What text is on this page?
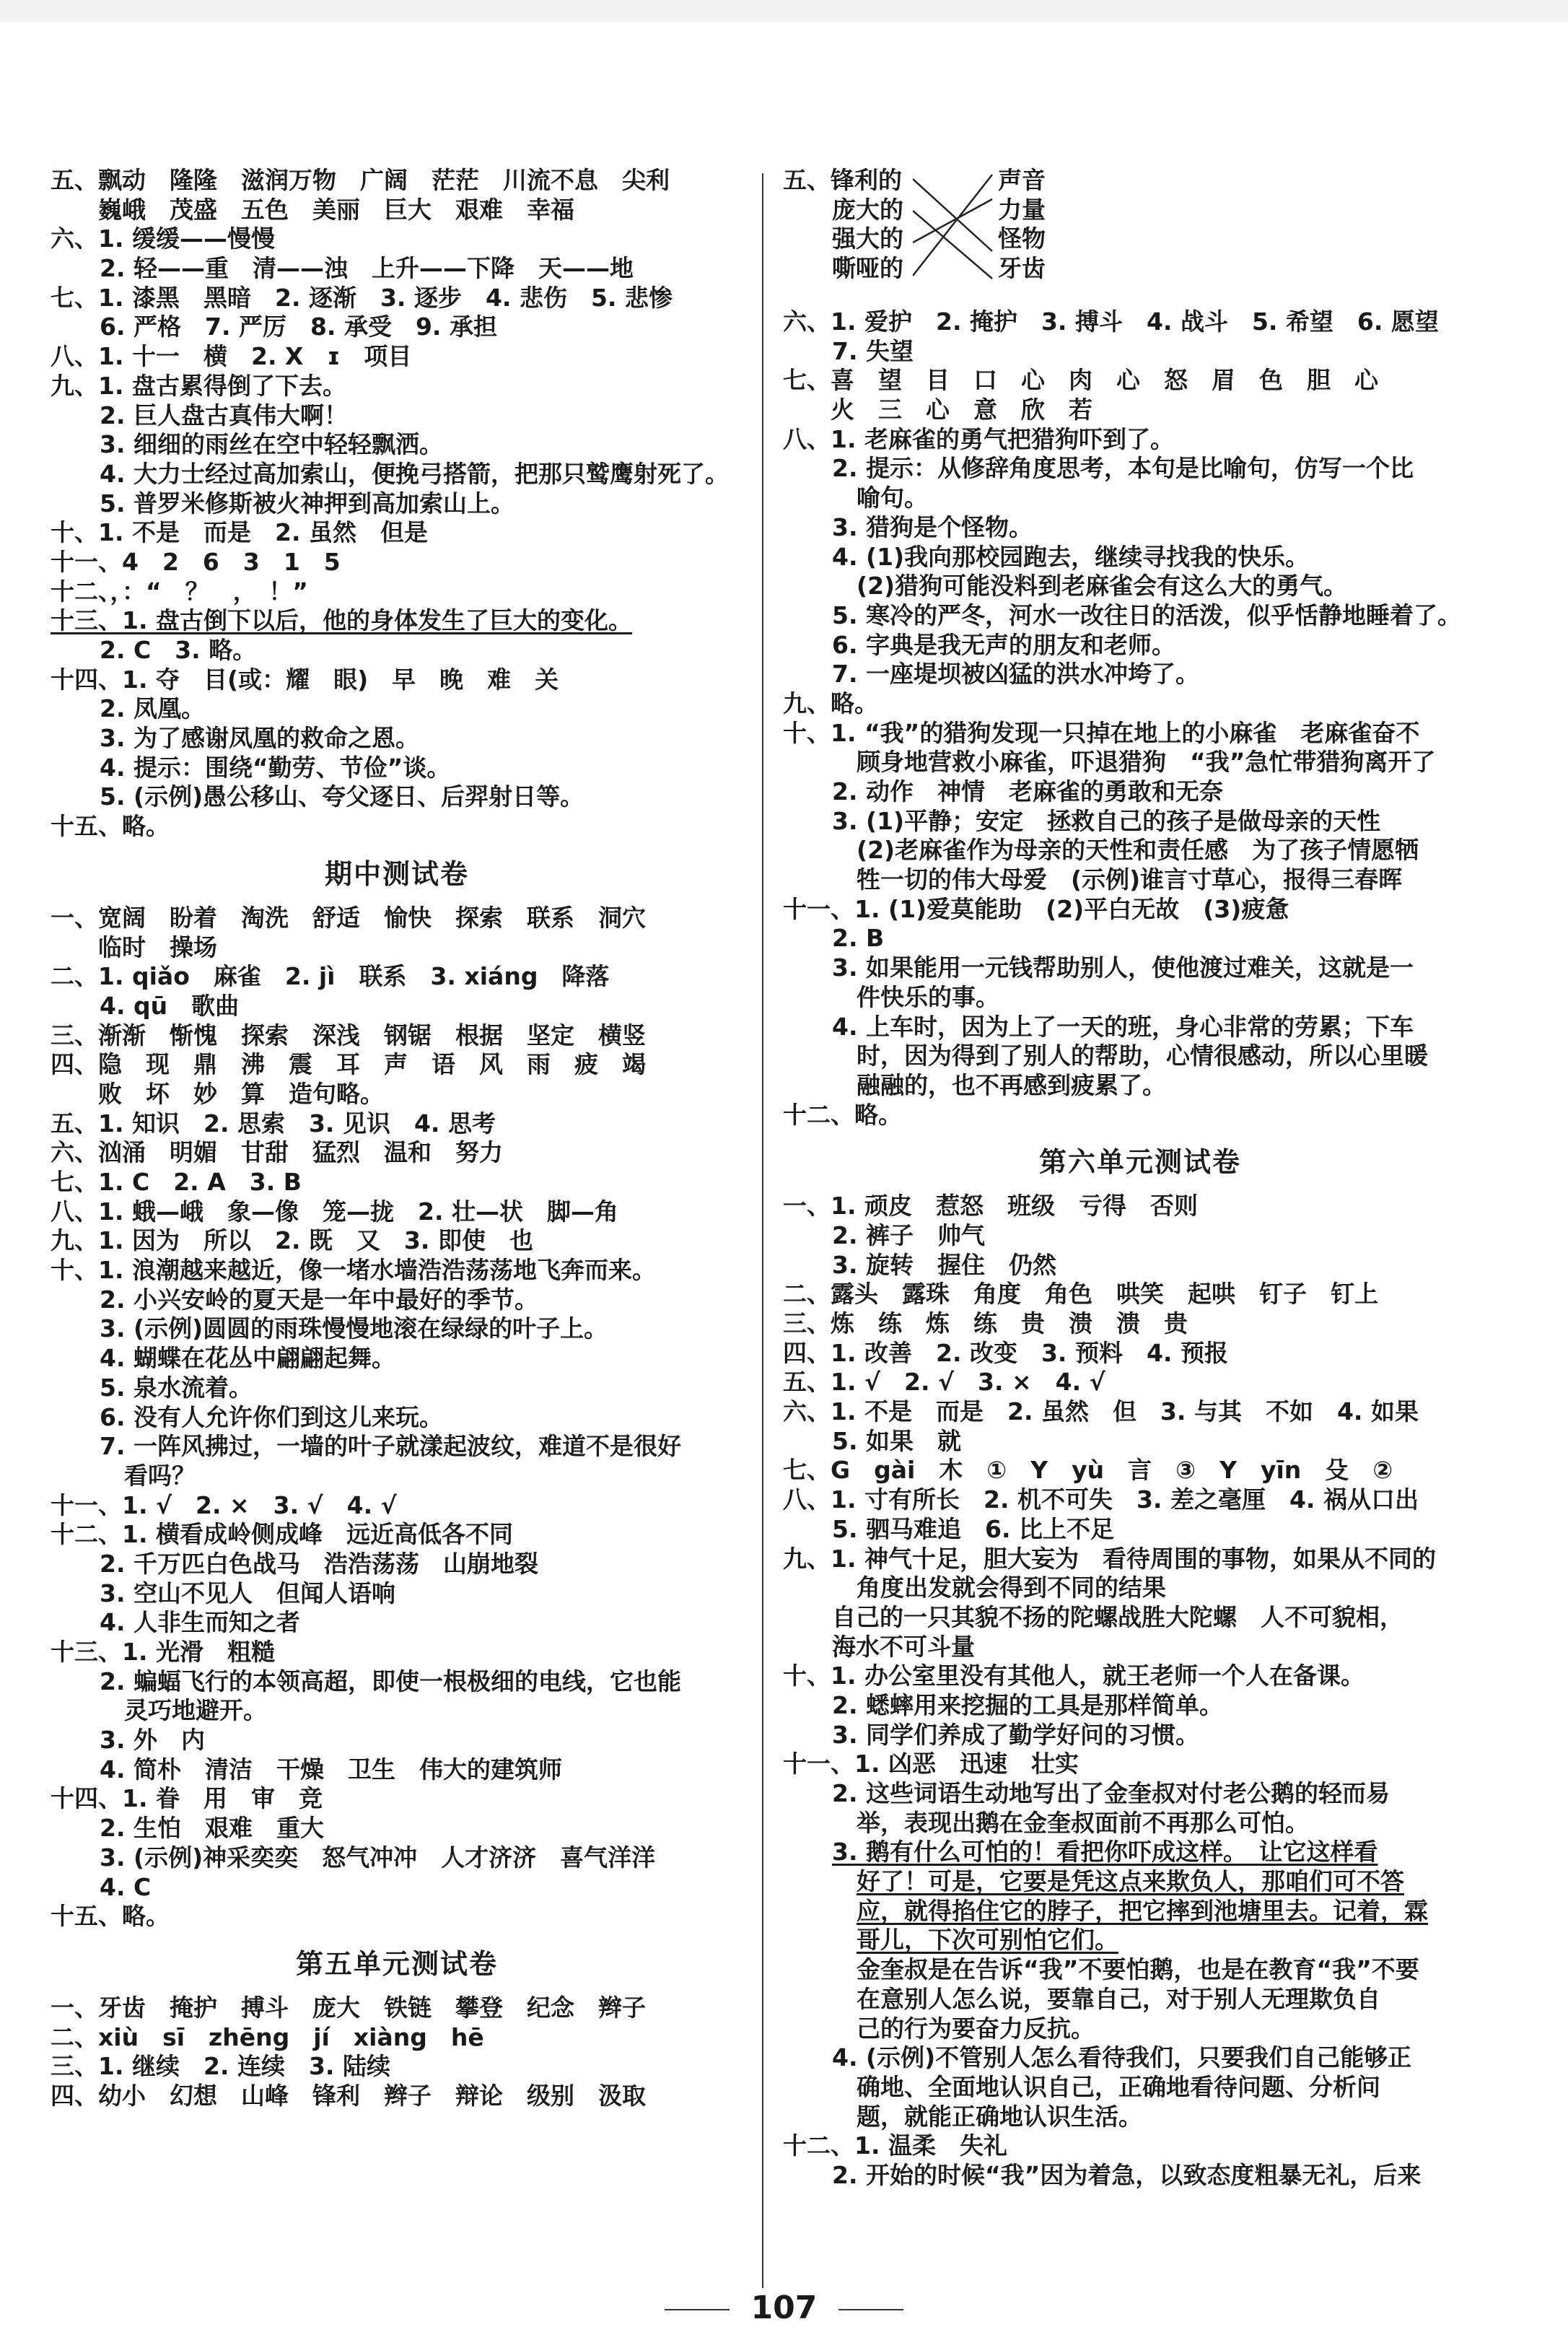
五、飘动　隆隆　滋润万物　广阔　茫茫　川流不息　尖利
　　巍峨　茂盛　五色　美丽　巨大　艰难　幸福
六、1. 缓缓——慢慢
2. 轻——重　清——浊　上升——下降　天——地
七、1. 漆黑　黑暗　2. 逐渐　3. 逐步　4. 悲伤　5. 悲惨
6. 严格　7. 严厉　8. 承受　9. 承担
八、1. 十一　横　2. X　ɪ　项目
九、1. 盘古累得倒了下去。
2. 巨人盘古真伟大啊！
3. 细细的雨丝在空中轻轻飘洒。
4. 大力士经过高加索山，便挽弓搭箭，把那只鹫鹰射死了。
5. 普罗米修斯被火神押到高加索山上。
十、1. 不是　而是　2. 虽然　但是
十一、4　2　6　3　1　5
十二、，：“　？　，　！”
十三、1. 盘古倒下以后，他的身体发生了巨大的变化。
2. C　3. 略。
十四、1. 夺　目(或：耀　眼)　早　晚　难　关
2. 凤凰。
3. 为了感谢凤凰的救命之恩。
4. 提示：围绕“勤劳、节俭”谈。
5. (示例)愚公移山、夸父逐日、后羿射日等。
十五、略。
期中测试卷
一、宽阔　盼着　淘洗　舒适　愉快　探索　联系　洞穴
　　临时　操场
二、1. qiǎo　麻雀　2. jì　联系　3. xiáng　降落
4. qū　歌曲
三、渐渐　惭愧　探索　深浅　钢锯　根据　坚定　横竖
四、隐　现　鼎　沸　震　耳　声　语　风　雨　疲　竭
　　败　坏　妙　算　造句略。
五、1. 知识　2. 思索　3. 见识　4. 思考
六、汹涌　明媚　甘甜　猛烈　温和　努力
七、1. C　2. A　3. B
八、1. 蛾—峨　象—像　笼—拢　2. 壮—状　脚—角
九、1. 因为　所以　2. 既　又　3. 即使　也
十、1. 浪潮越来越近，像一堵水墙浩浩荡荡地飞奔而来。
2. 小兴安岭的夏天是一年中最好的季节。
3. (示例)圆圆的雨珠慢慢地滚在绿绿的叶子上。
4. 蝴蝶在花丛中翩翩起舞。
5. 泉水流着。
6. 没有人允许你们到这儿来玩。
7. 一阵风拂过，一墙的叶子就漾起波纹，难道不是很好
看吗？
十一、1. √　2. ×　3. √　4. √
十二、1. 横看成岭侧成峰　远近高低各不同
2. 千万匹白色战马　浩浩荡荡　山崩地裂
3. 空山不见人　但闻人语响
4. 人非生而知之者
十三、1. 光滑　粗糙
2. 蝙蝠飞行的本领高超，即使一根极细的电线，它也能
灵巧地避开。
3. 外　内
4. 简朴　清洁　干燥　卫生　伟大的建筑师
十四、1. 眷　用　审　竞
2. 生怕　艰难　重大
3. (示例)神采奕奕　怒气冲冲　人才济济　喜气洋洋
4. C
十五、略。
第五单元测试卷
一、牙齿　掩护　搏斗　庞大　铁链　攀登　纪念　辫子
二、xiù　sī　zhēng　jí　xiàng　hē
三、1. 继续　2. 连续　3. 陆续
四、幼小　幻想　山峰　锋利　辫子　辩论　级别　汲取
五、锋利的
庞大的
强大的
嘶哑的
声音
力量
怪物
牙齿
六、1. 爱护　2. 掩护　3. 搏斗　4. 战斗　5. 希望　6. 愿望
7. 失望
七、喜　望　目　口　心　肉　心　怒　眉　色　胆　心
　　火　三　心　意　欣　若
八、1. 老麻雀的勇气把猎狗吓到了。
2. 提示：从修辞角度思考，本句是比喻句，仿写一个比
喻句。
3. 猎狗是个怪物。
4. (1)我向那校园跑去，继续寻找我的快乐。
(2)猎狗可能没料到老麻雀会有这么大的勇气。
5. 寒冷的严冬，河水一改往日的活泼，似乎恬静地睡着了。
6. 字典是我无声的朋友和老师。
7. 一座堤坝被凶猛的洪水冲垮了。
九、略。
十、1. “我”的猎狗发现一只掉在地上的小麻雀　老麻雀奋不
顾身地营救小麻雀，吓退猎狗　“我”急忙带猎狗离开了
2. 动作　神情　老麻雀的勇敢和无奈
3. (1)平静；安定　拯救自己的孩子是做母亲的天性
(2)老麻雀作为母亲的天性和责任感　为了孩子情愿牺
牲一切的伟大母爱　(示例)谁言寸草心，报得三春晖
十一、1. (1)爱莫能助　(2)平白无故　(3)疲惫
2. B
3. 如果能用一元钱帮助别人，使他渡过难关，这就是一
件快乐的事。
4. 上车时，因为上了一天的班，身心非常的劳累；下车
时，因为得到了别人的帮助，心情很感动，所以心里暖
融融的，也不再感到疲累了。
十二、略。
第六单元测试卷
一、1. 顽皮　惹怒　班级　亏得　否则
2. 裤子　帅气
3. 旋转　握住　仍然
二、露头　露珠　角度　角色　哄笑　起哄　钉子　钉上
三、炼　练　炼　练　贵　溃　溃　贵
四、1. 改善　2. 改变　3. 预料　4. 预报
五、1. √　2. √　3. ×　4. √
六、1. 不是　而是　2. 虽然　但　3. 与其　不如　4. 如果
5. 如果　就
七、G　gài　木　①　Y　yù　言　③　Y　yīn　殳　②
八、1. 寸有所长　2. 机不可失　3. 差之毫厘　4. 祸从口出
5. 驷马难追　6. 比上不足
九、1. 神气十足，胆大妄为　看待周围的事物，如果从不同的
角度出发就会得到不同的结果
自己的一只其貌不扬的陀螺战胜大陀螺　人不可貌相，
海水不可斗量
十、1. 办公室里没有其他人，就王老师一个人在备课。
2. 蟋蟀用来挖掘的工具是那样简单。
3. 同学们养成了勤学好问的习惯。
十一、1. 凶恶　迅速　壮实
2. 这些词语生动地写出了金奎叔对付老公鹅的轻而易
举，表现出鹅在金奎叔面前不再那么可怕。
3. 鹅有什么可怕的！看把你吓成这样。　让它这样看
好了！可是，它要是凭这点来欺负人，那咱们可不答
应，就得掐住它的脖子，把它摔到池塘里去。记着，霖
哥儿，下次可别怕它们。
金奎叔是在告诉“我”不要怕鹅，也是在教育“我”不要
在意别人怎么说，要靠自己，对于别人无理欺负自
己的行为要奋力反抗。
4. (示例)不管别人怎么看待我们，只要我们自己能够正
确地、全面地认识自己，正确地看待问题、分析问
题，就能正确地认识生活。
十二、1. 温柔　失礼
2. 开始的时候“我”因为着急，以致态度粗暴无礼，后来
107
